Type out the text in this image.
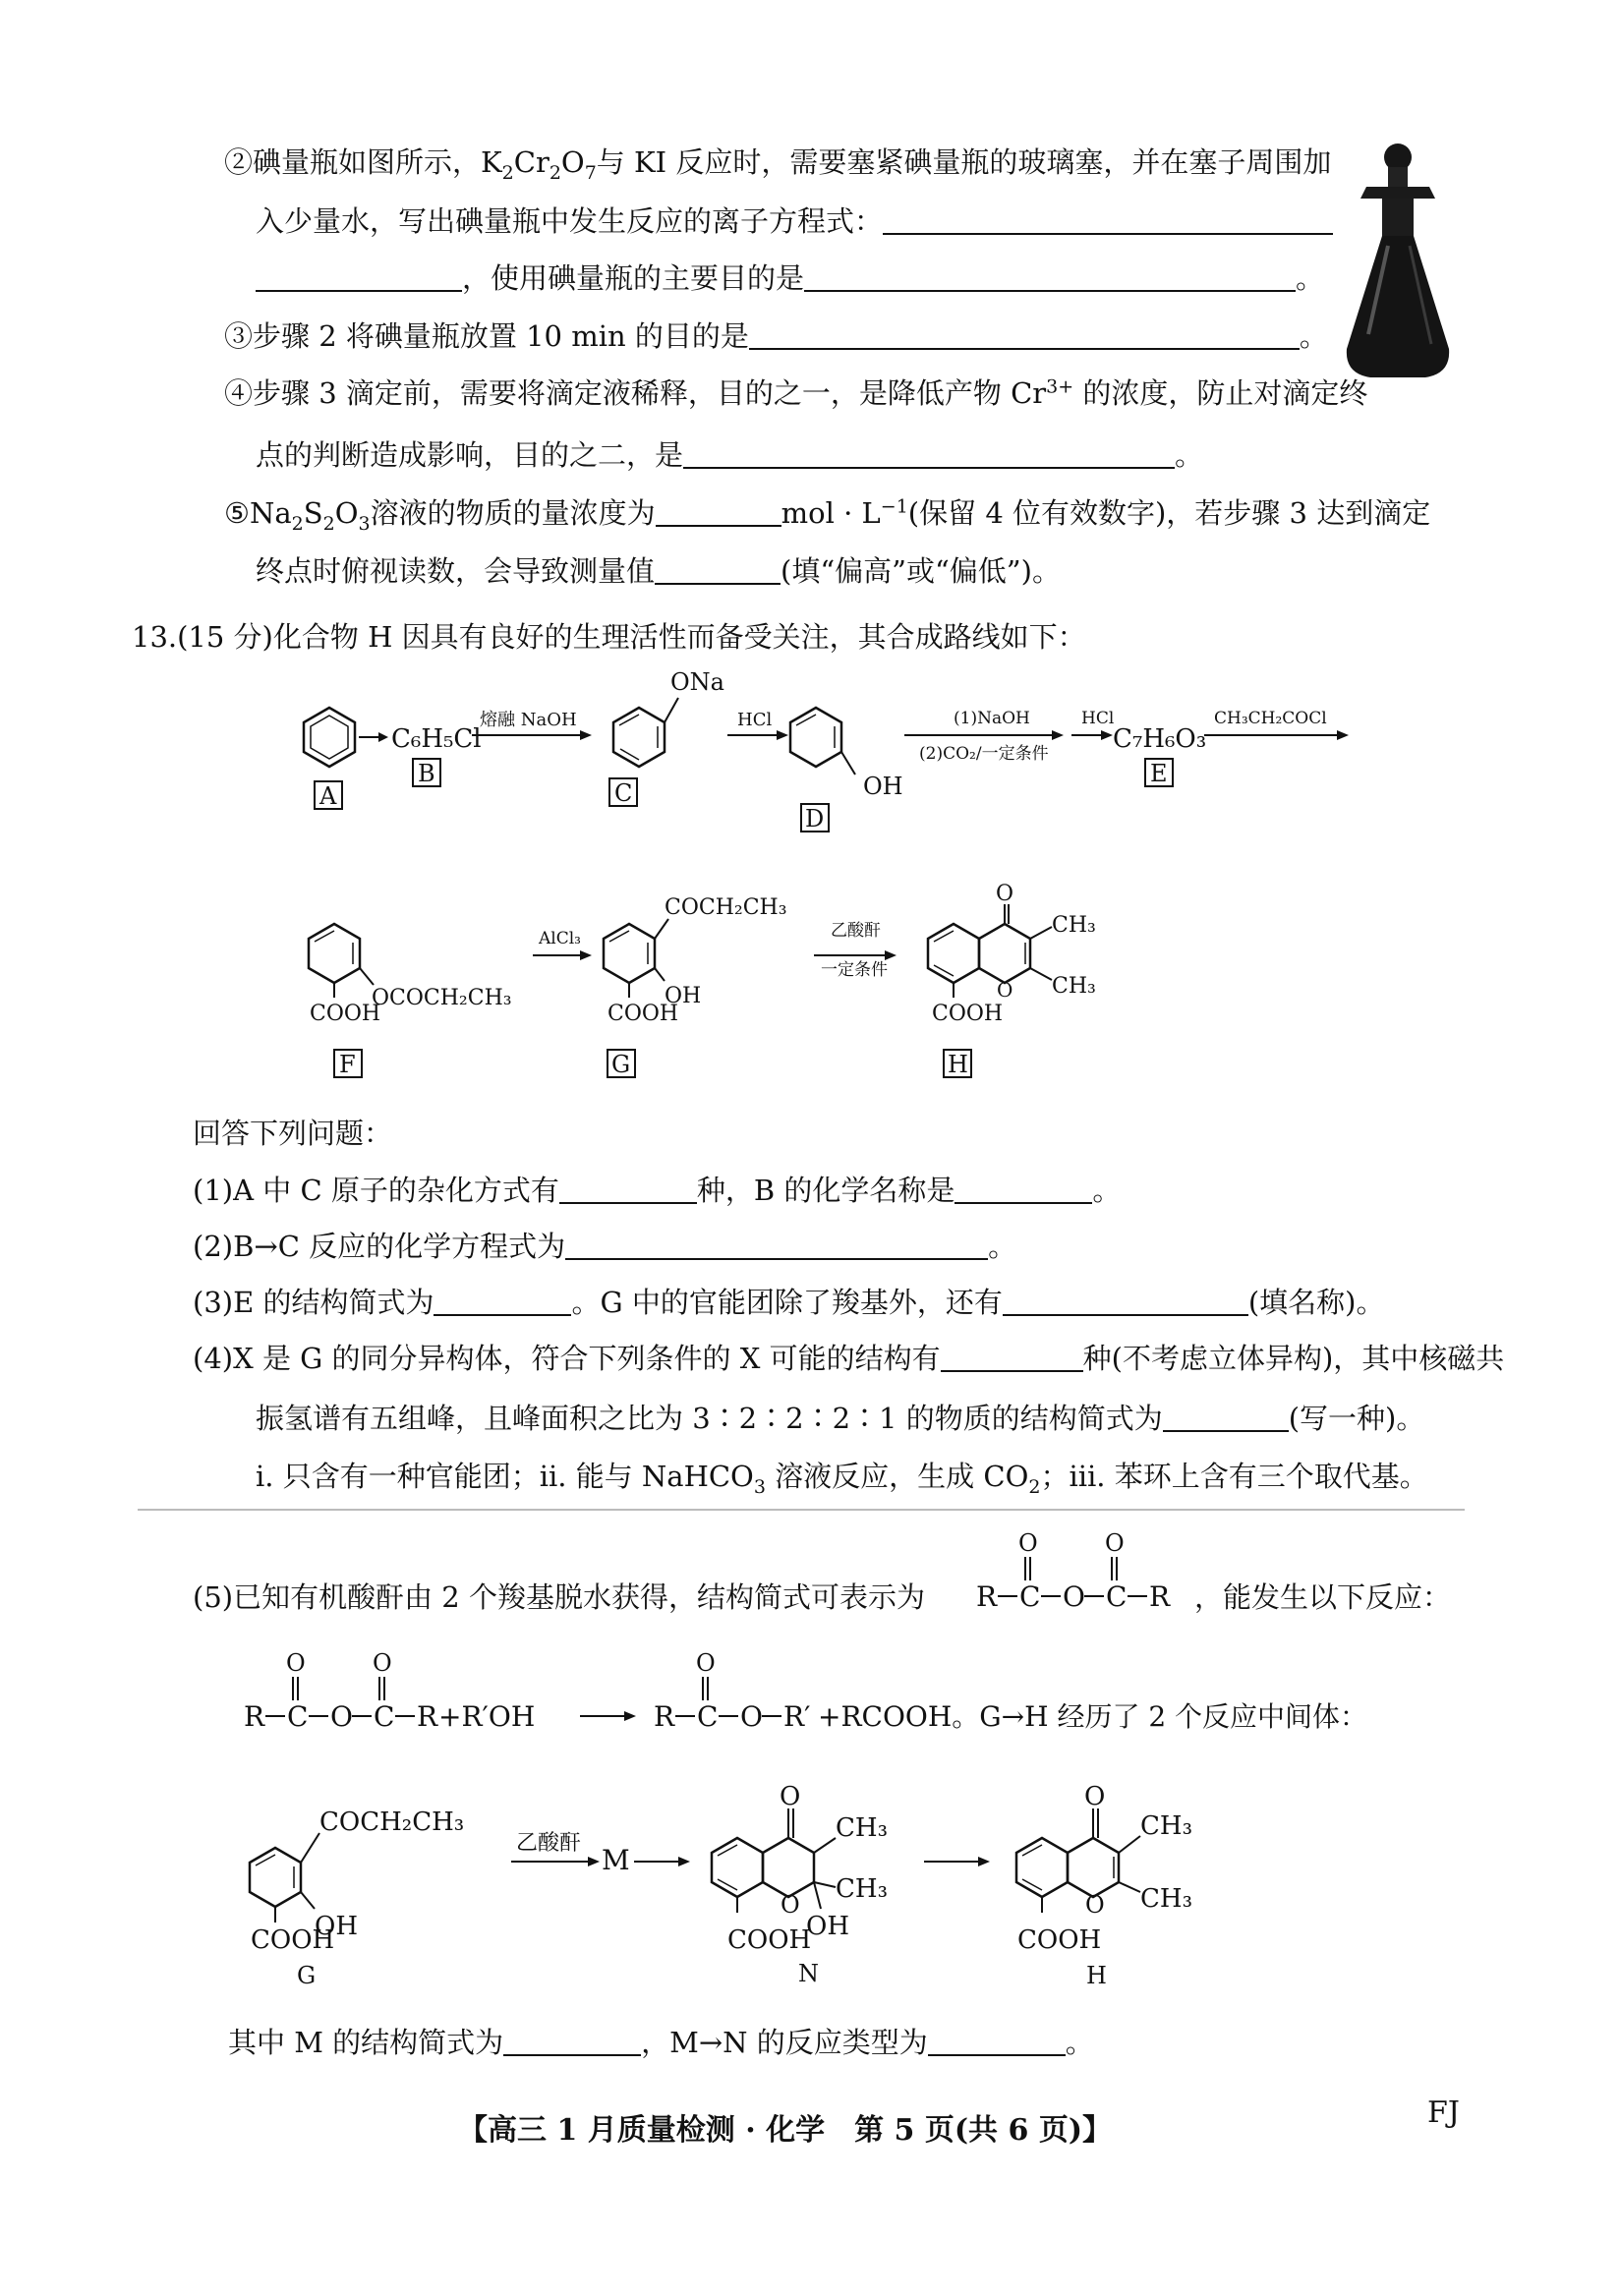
②碘量瓶如图所示，$K_2Cr_2O_7$与 KI 反应时，需要塞紧碘量瓶的玻璃塞，并在塞子周围加
入少量水，写出碘量瓶中发生反应的离子方程式：
，使用碘量瓶的主要目的是	。
③步骤 2 将碘量瓶放置 10 min 的目的是	。
④步骤 3 滴定前，需要将滴定液稀释，目的之一，是降低产物 $Cr^{3+}$ 的浓度，防止对滴定终
点的判断造成影响，目的之二，是	。
$⑤Na_2S_2O_3$溶液的物质的量浓度为	mol · $L^{-1}$(保留 4 位有效数字)，若步骤 3 达到滴定
终点时俯视读数，会导致测量值	(填“偏高”或“偏低”)。
13.(15 分)化合物 H 因具有良好的生理活性而备受关注，其合成路线如下：
A
C₆H₅Cl
B
熔融 NaOH
ONa
C
HCl
OH
D
(1)NaOH
(2)CO₂/一定条件
HCl
C₇H₆O₃
E
CH₃CH₂COCl
OCOCH₂CH₃
COOH
F
AlCl₃
COCH₂CH₃
OH
COOH
G
乙酸酐
一定条件
O
CH₃
CH₃
O
COOH
H
回答下列问题：
(1)A 中 C 原子的杂化方式有	种，B 的化学名称是	。
(2)B→C 反应的化学方程式为	。
(3)E 的结构简式为	。G 中的官能团除了羧基外，还有	(填名称)。
(4)X 是 G 的同分异构体，符合下列条件的 X 可能的结构有	种(不考虑立体异构)，其中核磁共
振氢谱有五组峰，且峰面积之比为 3∶2∶2∶2∶1 的物质的结构简式为	(写一种)。
ⅰ. 只含有一种官能团；ⅱ. 能与 NaHCO$_3$ 溶液反应，生成 $CO_2$；ⅲ. 苯环上含有三个取代基。
(5)已知有机酸酐由 2 个羧基脱水获得，结构简式可表示为 R C
O
O C
O
R ，能发生以下反应：
R C
O
O C
O
R +R′OH	R C
O
O R′ +RCOOH。G→H 经历了 2 个反应中间体：
COCH₂CH₃
OH
COOH
G
乙酸酐
M
O
CH₃
CH₃
OH
O
COOH
N
O
CH₃
CH₃
O
COOH
H
其中 M 的结构简式为	，M→N 的反应类型为	。
【高三 1 月质量检测 · 化学　第 5 页(共 6 页)】
FJ
